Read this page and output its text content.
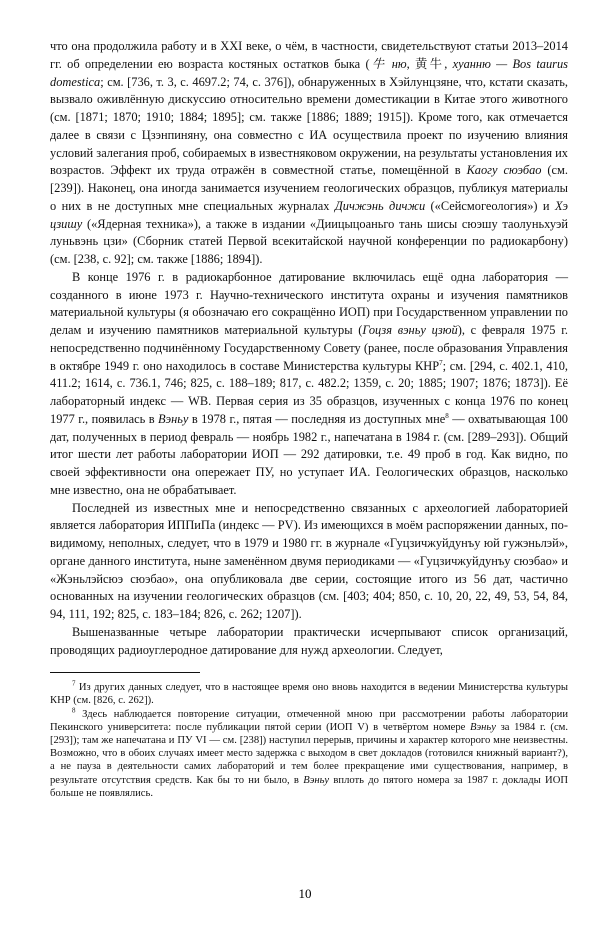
что она продолжила работу и в XXI веке, о чём, в частности, свидетельствуют статьи 2013–2014 гг. об определении ею возраста костяных остатков быка (牛 ню, 黄牛, хуанню — Bos taurus domestica; см. [736, т. 3, с. 4697.2; 74, с. 376]), обнаруженных в Хэйлунцзяне, что, кстати сказать, вызвало оживлённую дискуссию относительно времени доместикации в Китае этого животного (см. [1871; 1870; 1910; 1884; 1895]; см. также [1886; 1889; 1915]). Кроме того, как отмечается далее в связи с Цзэнпиняну, она совместно с ИА осуществила проект по изучению влияния условий залегания проб, собираемых в известняковом окружении, на результаты установления их возрастов. Эффект их труда отражён в совместной статье, помещённой в Каогу сюэбао (см. [239]). Наконец, она иногда занимается изучением геологических образцов, публикуя материалы о них в не доступных мне специальных журналах Дичжэнь дичжи («Сейсмогеология») и Хэ цзишу («Ядерная техника»), а также в издании «Диицыцоаньго тань шисы сюэшу таолуньхуэй луньвэнь цзи» (Сборник статей Первой всекитайской научной конференции по радиокарбону) (см. [238, с. 92]; см. также [1886; 1894]).

В конце 1976 г. в радиокарбонное датирование включилась ещё одна лаборатория — созданного в июне 1973 г. Научно-технического института охраны и изучения памятников материальной культуры (я обозначаю его сокращённо ИОП) при Государственном управлении по делам и изучению памятников материальной культуры (Гоцзя вэньу цзюй), с февраля 1975 г. непосредственно подчинённому Государственному Совету (ранее, после образования Управления в октябре 1949 г. оно находилось в составе Министерства культуры КНР$^7$; см. [294, с. 402.1, 410, 411.2; 1614, с. 736.1, 746; 825, с. 188–189; 817, с. 482.2; 1359, с. 20; 1885; 1907; 1876; 1873]). Её лабораторный индекс — WB. Первая серия из 35 образцов, изученных с конца 1976 по конец 1977 г., появилась в Вэньу в 1978 г., пятая — последняя из доступных мне$^8$ — охватывающая 100 дат, полученных в период февраль — ноябрь 1982 г., напечатана в 1984 г. (см. [289–293]). Общий итог шести лет работы лаборатории ИОП — 292 датировки, т.е. 49 проб в год. Как видно, по своей эффективности она опережает ПУ, но уступает ИА. Геологических образцов, насколько мне известно, она не обрабатывает.

Последней из известных мне и непосредственно связанных с археологией лабораторией является лаборатория ИППиПа (индекс — PV). Из имеющихся в моём распоряжении данных, по-видимому, неполных, следует, что в 1979 и 1980 гг. в журнале «Гуцзичжуйдунъу юй гужэньлэй», органе данного института, ныне заменённом двумя периодиками — «Гуцзичжуйдунъу сюэбао» и «Жэньлэйсюэ сюэбао», она опубликовала две серии, состоящие итого из 56 дат, частично основанных на изучении геологических образцов (см. [403; 404; 850, с. 10, 20, 22, 49, 53, 54, 84, 94, 111, 192; 825, с. 183–184; 826, с. 262; 1207]).

Вышеназванные четыре лаборатории практически исчерпывают список организаций, проводящих радиоуглеродное датирование для нужд археологии. Следует,

$^7$ Из других данных следует, что в настоящее время оно вновь находится в ведении Министерства культуры КНР (см. [826, с. 262]).

$^8$ Здесь наблюдается повторение ситуации, отмеченной мною при рассмотрении работы лаборатории Пекинского университета: после публикации пятой серии (ИОП V) в четвёртом номере Вэньу за 1984 г. (см. [293]); там же напечатана и ПУ VI — см. [238]) наступил перерыв, причины и характер которого мне неизвестны. Возможно, что в обоих случаях имеет место задержка с выходом в свет докладов (готовился книжный вариант?), а не пауза в деятельности самих лабораторий и тем более прекращение ими существования, например, в результате отсутствия средств. Как бы то ни было, в Вэньу вплоть до пятого номера за 1987 г. доклады ИОП больше не появлялись.

10
